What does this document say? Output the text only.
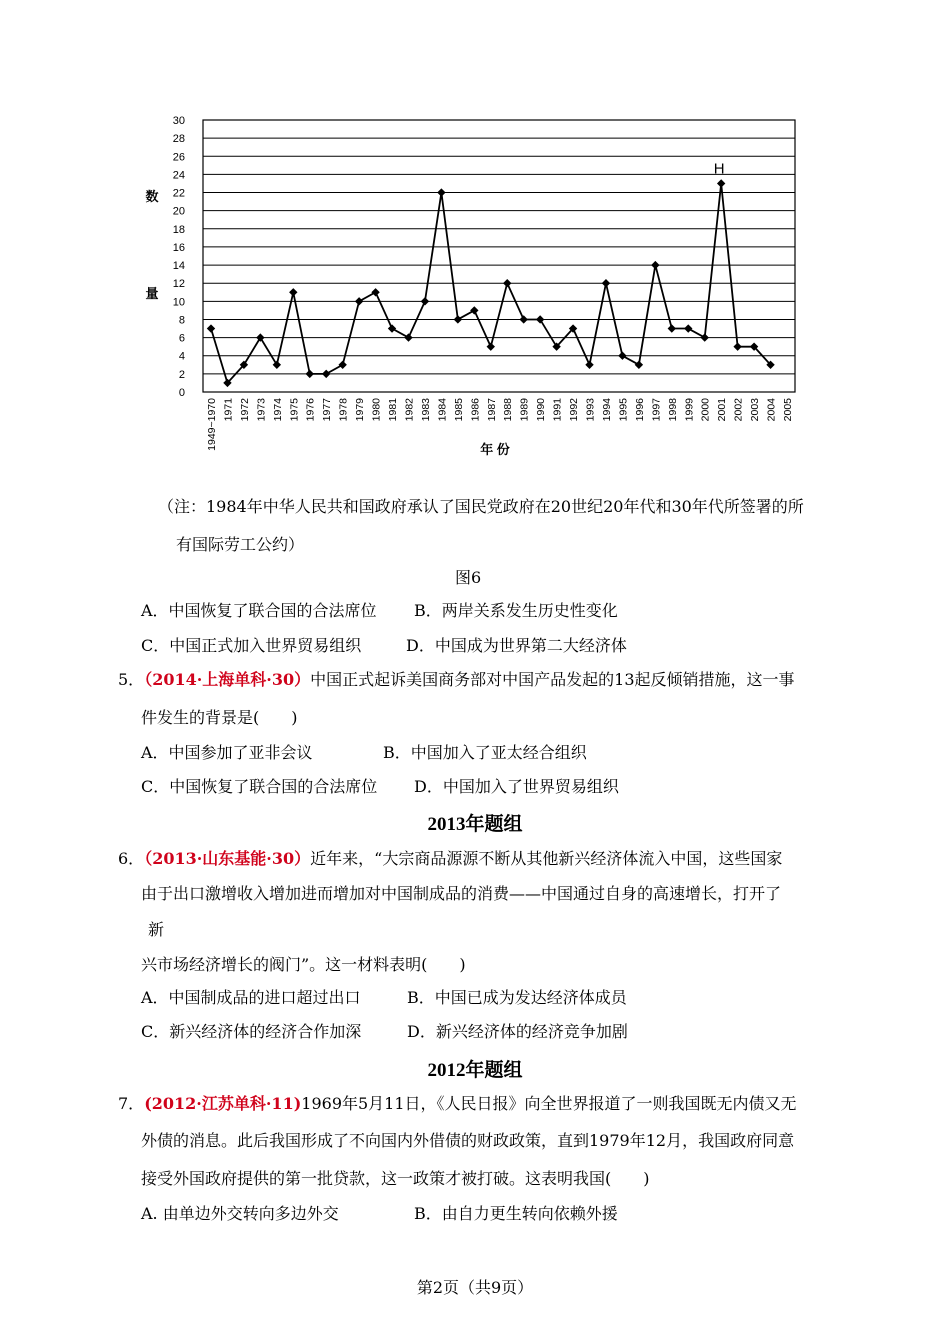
30
28
26
24
22
20
18
16
14
12
10
8
6
4
2
0
1949~1970 1971 1972 1973 1974 1975 1976 1977 1978 1979 1980 1981 1982 1983 1984 1985 1986 1987 1988 1989 1990 1991 1992 1993 1994 1995 1996 1997 1998 1999 2000 2001 2002 2003 2004 2005
数
量
年 份
H
（注：1984年中华人民共和国政府承认了国民党政府在20世纪20年代和30年代所签署的所
有国际劳工公约）
图6
A．中国恢复了联合国的合法席位 B．两岸关系发生历史性变化
C．中国正式加入世界贸易组织	D．中国成为世界第二大经济体
5．（2014·上海单科·30）中国正式起诉美国商务部对中国产品发起的13起反倾销措施，这一事
件发生的背景是(　　)
A．中国参加了亚非会议	B．中国加入了亚太经合组织
C．中国恢复了联合国的合法席位 D．中国加入了世界贸易组织
2013年题组
6．（2013·山东基能·30）近年来，“大宗商品源源不断从其他新兴经济体流入中国，这些国家
由于出口激增收入增加进而增加对中国制成品的消费——中国通过自身的高速增长，打开了
新
兴市场经济增长的阀门”。这一材料表明(　　)
A．中国制成品的进口超过出口	B．中国已成为发达经济体成员
C．新兴经济体的经济合作加深	D．新兴经济体的经济竞争加剧
2012年题组
7．(2012·江苏单科·11)1969年5月11日，《人民日报》向全世界报道了一则我国既无内债又无
外债的消息。此后我国形成了不向国内外借债的财政政策，直到1979年12月，我国政府同意
接受外国政府提供的第一批贷款，这一政策才被打破。这表明我国(　　)
A. 由单边外交转向多边外交	B．由自力更生转向依赖外援
第2页（共9页）
